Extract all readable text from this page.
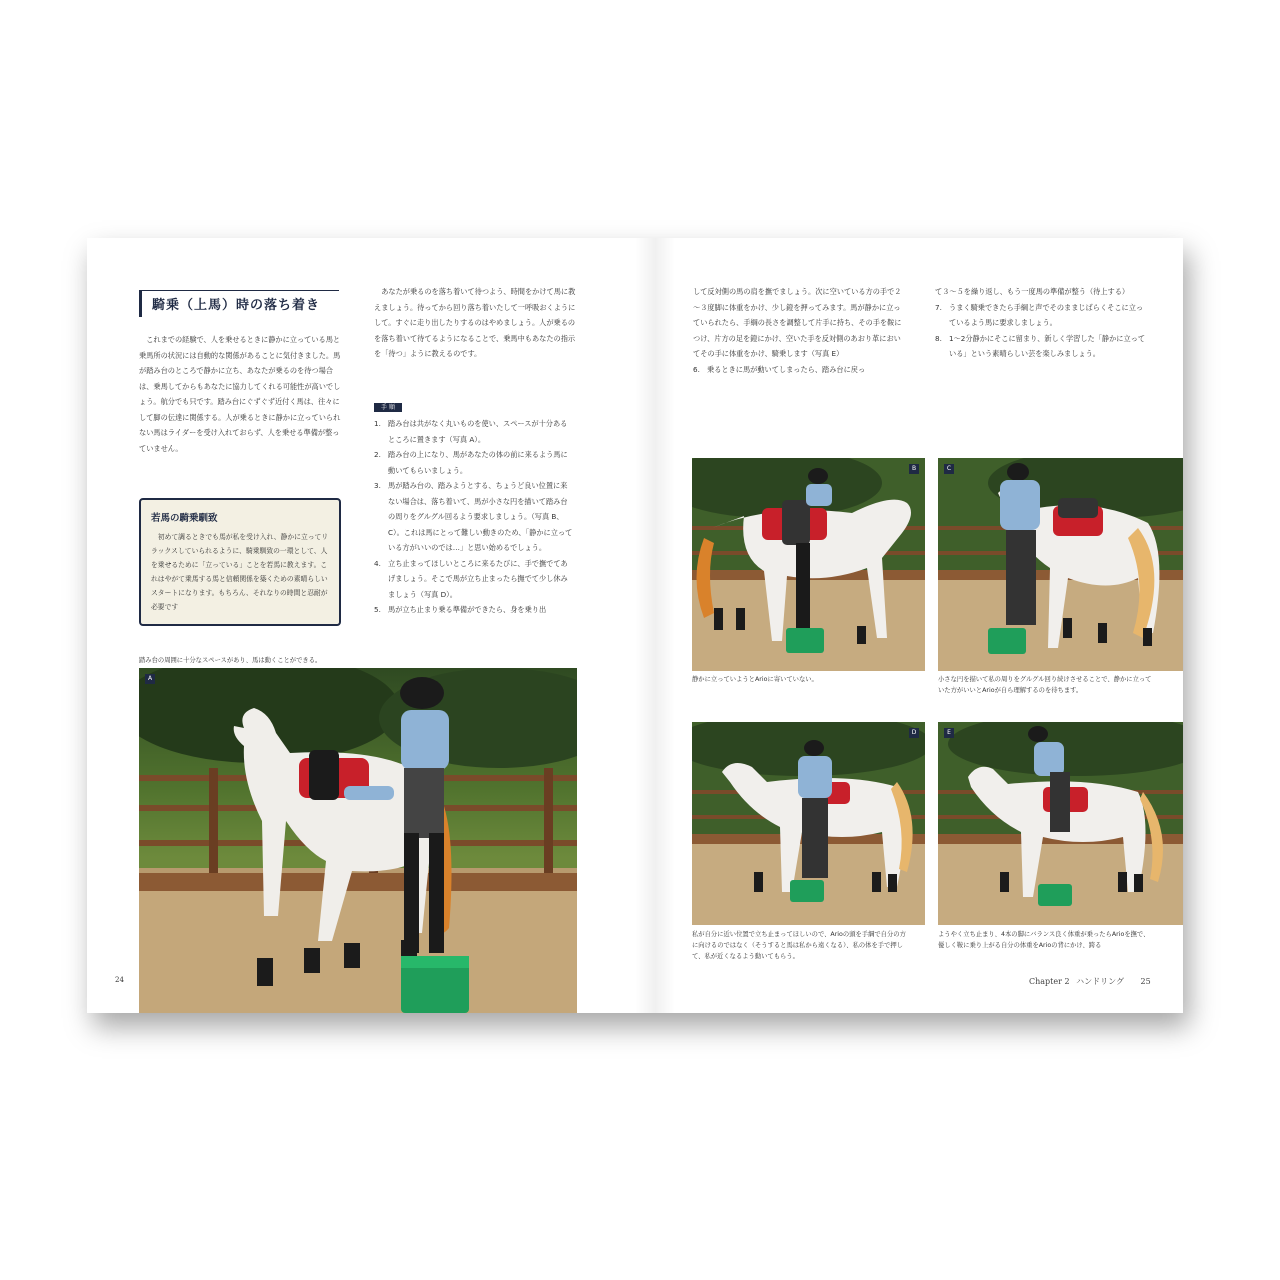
騎乗（上馬）時の落ち着き

これまでの経験で、人を乗せるときに静かに立っている馬と乗馬所の状況には自動的な関係があることに気付きました。馬が踏み台のところで静かに立ち、あなたが乗るのを待つ場合は、乗馬してからもあなたに協力してくれる可能性が高いでしょう。航分でも只です。踏み台にぐずぐず近付く馬は、往々にして脚の伝達に関係する。人が乗るときに静かに立っていられない馬はライダーを受け入れておらず、人を乗せる準備が整っていません。

若馬の騎乗馴致

初めて調るときでも馬が私を受け入れ、静かに立ってリラックスしていられるように、騎乗馴致の一環として、人を乗せるために「立っている」ことを若馬に教えます。これはやがて乗馬する馬と信頼関係を築くための素晴らしいスタートになります。もちろん、それなりの時間と忍耐が必要です

あなたが乗るのを落ち着いて待つよう、時間をかけて馬に教えましょう。待ってから回り落ち着いたして一呼吸おくようにして。すぐに走り出したりするのはやめましょう。人が乗るのを落ち着いて待てるようになることで、乗馬中もあなたの指示を「待つ」ように教えるのです。
手 順
1. 踏み台は共がなく丸いものを使い、スペースが十分あるところに置きます（写真 A）。
2. 踏み台の上になり、馬があなたの体の前に来るよう馬に動いてもらいましょう。
3. 馬が踏み台の、踏みようとする、ちょうど良い位置に来ない場合は、落ち着いて、馬が小さな円を描いて踏み台の周りをグルグル回るよう要求しましょう。（写真 B、C）。これは馬にとって難しい動きのため、「静かに立っている方がいいのでは…」と思い始めるでしょう。
4. 立ち止まってほしいところに来るたびに、手で撫でてあげましょう。そこで馬が立ち止まったら撫でて少し休みましょう（写真 D）。
5. 馬が立ち止まり乗る準備ができたら、身を乗り出
踏み台の周囲に十分なスペースがあり、馬は動くことができる。
A
24

して反対側の馬の肩を撫でましょう。次に空いている方の手で２～３度脚に体重をかけ、少し鐙を押ってみます。馬が静かに立っていられたら、手綱の長さを調整して片手に持ち、その手を鞍につけ、片方の足を鐙にかけ、空いた手を反対側のあおり革においてその手に体重をかけ、騎乗します（写真 E）

6. 乗るときに馬が動いてしまったら、踏み台に戻っ

て３～５を繰り返し、もう一度馬の準備が整う（待上する）

7. うまく騎乗できたら手綱と声でそのままじばらくそこに立っているよう馬に要求しましょう。
8. 1～2分静かにそこに留まり、新しく学習した「静かに立っている」という素晴らしい芸を楽しみましょう。
B
静かに立っていようとArioに寄いていない。
C
小さな円を描いて私の周りをグルグル回り続けさせることで、静かに立っていた方がいいとArioが自ら理解するのを待ちます。
D
私が自分に近い位置で立ち止まってほしいので、Arioの頭を手綱で自分の方に向けるのではなく（そうすると馬は私から遠くなる）、私の体を手で押して、私が近くなるよう動いてもらう。
E
ようやく立ち止まり、4本の脚にバランス良く体重が乗ったらArioを撫で、優しく鞍に乗り上がる自分の体重をArioの背にかけ、跨る
Chapter 2 ハンドリング 25
